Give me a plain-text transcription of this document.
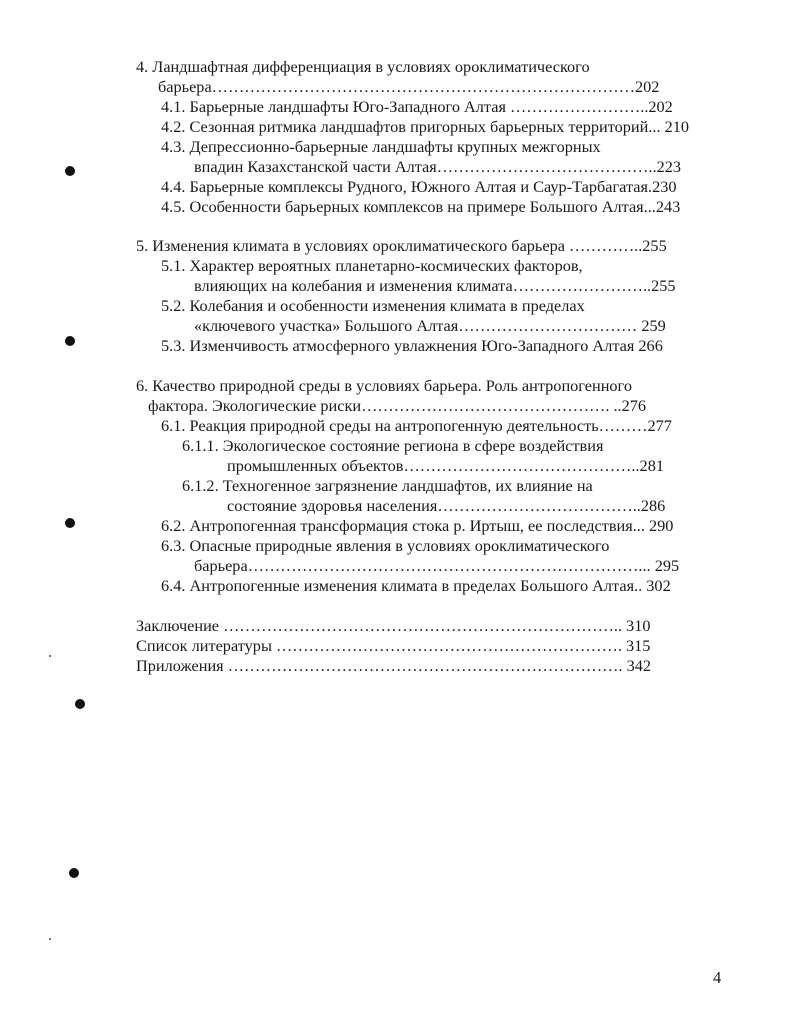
4. Ландшафтная дифференциация в условиях ороклиматического
барьера……………………………………………………………………202
4.1. Барьерные ландшафты Юго-Западного Алтая ……………………..202
4.2. Сезонная ритмика ландшафтов пригорных барьерных территорий... 210
4.3. Депрессионно-барьерные ландшафты крупных межгорных
впадин Казахстанской части Алтая…………………………………..223
4.4. Барьерные комплексы Рудного, Южного Алтая и Саур-Тарбагатая.230
4.5. Особенности барьерных комплексов на примере Большого Алтая...243
5. Изменения климата в условиях ороклиматического барьера …………..255
5.1. Характер вероятных планетарно-космических факторов,
влияющих на колебания и изменения климата……………………..255
5.2. Колебания и особенности изменения климата в пределах
«ключевого участка» Большого Алтая…………………………… 259
5.3. Изменчивость атмосферного увлажнения Юго-Западного Алтая 266
6. Качество природной среды в условиях барьера. Роль антропогенного
фактора. Экологические риски………………………………………. ..276
6.1. Реакция природной среды на антропогенную деятельность………277
6.1.1. Экологическое состояние региона в сфере воздействия
промышленных объектов……………………………………..281
6.1.2. Техногенное загрязнение ландшафтов, их влияние на
состояние здоровья населения………………………………..286
6.2. Антропогенная трансформация стока р. Иртыш, ее последствия... 290
6.3. Опасные природные явления в условиях ороклиматического
барьера………………………………………………………………... 295
6.4. Антропогенные изменения климата в пределах Большого Алтая.. 302
Заключение ……………………………………………………………….. 310
Список литературы ………………………………………………………. 315
Приложения ………………………………………………………………. 342
4
